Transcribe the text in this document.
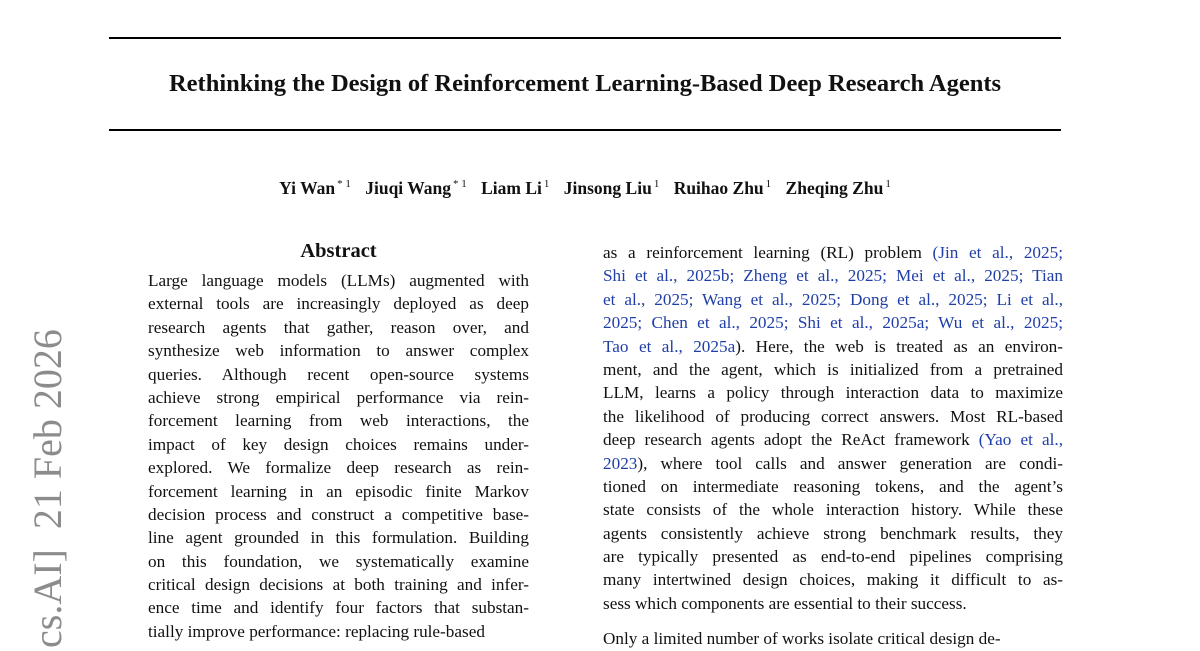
Rethinking the Design of Reinforcement Learning-Based Deep Research Agents
Yi Wan $^{* 1}$ Jiuqi Wang $^{* 1}$ Liam Li $^1$ Jinsong Liu $^1$ Ruihao Zhu $^1$ Zheqing Zhu $^1$
cs.AI]  21 Feb 2026
Abstract
Large language models (LLMs) augmented with
external tools are increasingly deployed as deep
research agents that gather, reason over, and
synthesize web information to answer complex
queries. Although recent open-source systems
achieve strong empirical performance via rein-
forcement learning from web interactions, the
impact of key design choices remains under-
explored. We formalize deep research as rein-
forcement learning in an episodic finite Markov
decision process and construct a competitive base-
line agent grounded in this formulation. Building
on this foundation, we systematically examine
critical design decisions at both training and infer-
ence time and identify four factors that substan-
tially improve performance: replacing rule-based
as a reinforcement learning (RL) problem (Jin et al., 2025;
Shi et al., 2025b; Zheng et al., 2025; Mei et al., 2025; Tian
et al., 2025; Wang et al., 2025; Dong et al., 2025; Li et al.,
2025; Chen et al., 2025; Shi et al., 2025a; Wu et al., 2025;
Tao et al., 2025a). Here, the web is treated as an environ-
ment, and the agent, which is initialized from a pretrained
LLM, learns a policy through interaction data to maximize
the likelihood of producing correct answers. Most RL-based
deep research agents adopt the ReAct framework (Yao et al.,
2023), where tool calls and answer generation are condi-
tioned on intermediate reasoning tokens, and the agent’s
state consists of the whole interaction history. While these
agents consistently achieve strong benchmark results, they
are typically presented as end-to-end pipelines comprising
many intertwined design choices, making it difficult to as-
sess which components are essential to their success.
Only a limited number of works isolate critical design de-
